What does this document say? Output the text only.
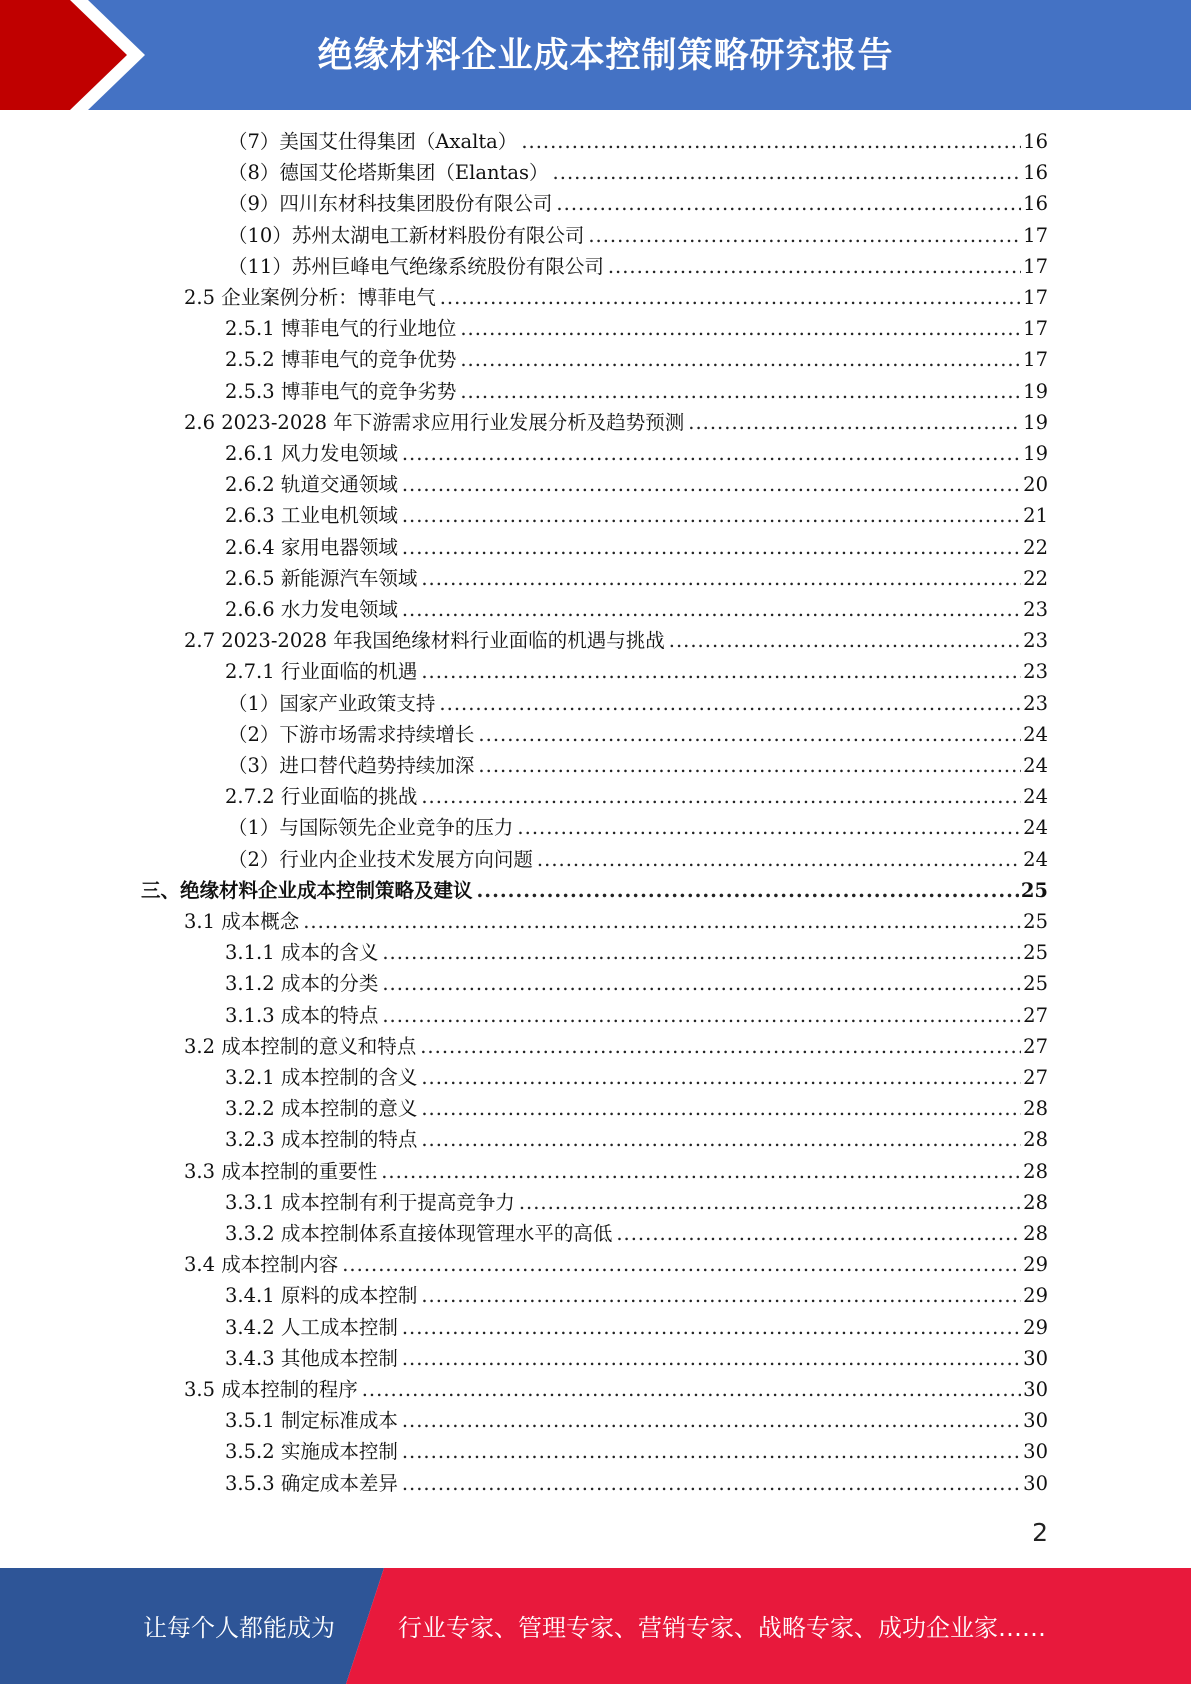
绝缘材料企业成本控制策略研究报告
（7）美国艾仕得集团（Axalta） .....	16
（8）德国艾伦塔斯集团（Elantas） .....	16
（9）四川东材科技集团股份有限公司 .....	16
（10）苏州太湖电工新材料股份有限公司 .....	17
（11）苏州巨峰电气绝缘系统股份有限公司 .....	17
2.5 企业案例分析：博菲电气 .....	17
2.5.1 博菲电气的行业地位 .....	17
2.5.2 博菲电气的竞争优势 .....	17
2.5.3 博菲电气的竞争劣势 .....	19
2.6 2023-2028 年下游需求应用行业发展分析及趋势预测 .....	19
2.6.1 风力发电领域 .....	19
2.6.2 轨道交通领域 .....	20
2.6.3 工业电机领域 .....	21
2.6.4 家用电器领域 .....	22
2.6.5 新能源汽车领域 .....	22
2.6.6 水力发电领域 .....	23
2.7 2023-2028 年我国绝缘材料行业面临的机遇与挑战 .....	23
2.7.1 行业面临的机遇 .....	23
（1）国家产业政策支持 .....	23
（2）下游市场需求持续增长 .....	24
（3）进口替代趋势持续加深 .....	24
2.7.2 行业面临的挑战 .....	24
（1）与国际领先企业竞争的压力 .....	24
（2）行业内企业技术发展方向问题 .....	24
三、绝缘材料企业成本控制策略及建议 .....	25
3.1 成本概念 .....	25
3.1.1 成本的含义 .....	25
3.1.2 成本的分类 .....	25
3.1.3 成本的特点 .....	27
3.2 成本控制的意义和特点 .....	27
3.2.1 成本控制的含义 .....	27
3.2.2 成本控制的意义 .....	28
3.2.3 成本控制的特点 .....	28
3.3 成本控制的重要性 .....	28
3.3.1 成本控制有利于提高竞争力 .....	28
3.3.2 成本控制体系直接体现管理水平的高低 .....	28
3.4 成本控制内容 .....	29
3.4.1 原料的成本控制 .....	29
3.4.2 人工成本控制 .....	29
3.4.3 其他成本控制 .....	30
3.5 成本控制的程序 .....	30
3.5.1 制定标准成本 .....	30
3.5.2 实施成本控制 .....	30
3.5.3 确定成本差异 .....	30
2
让每个人都能成为	行业专家、管理专家、营销专家、战略专家、成功企业家……
